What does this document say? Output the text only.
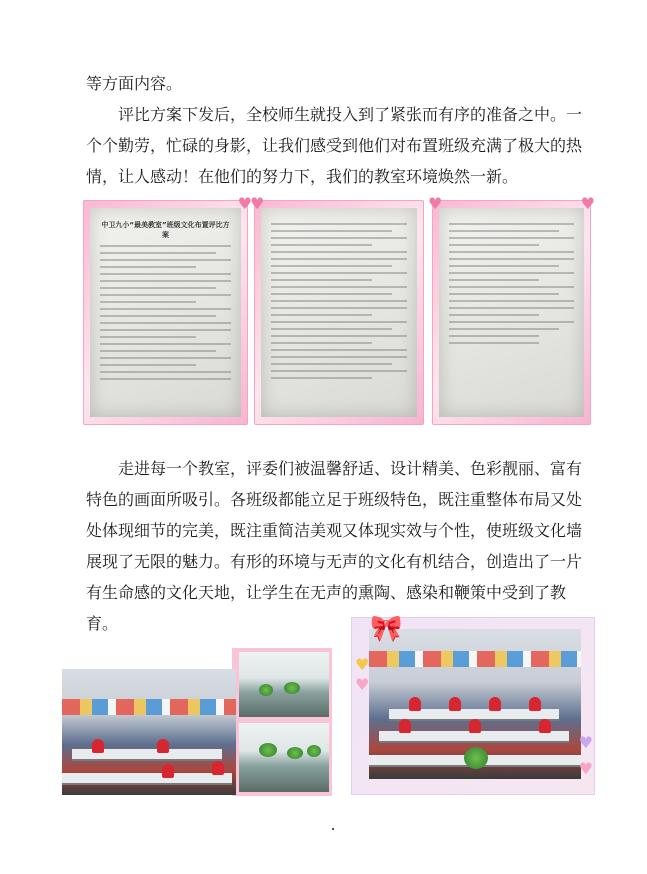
等方面内容。

评比方案下发后，全校师生就投入到了紧张而有序的准备之中。一个个勤劳，忙碌的身影，让我们感受到他们对布置班级充满了极大的热情，让人感动！在他们的努力下，我们的教室环境焕然一新。

中卫九小“最美教室”班级文化布置评比方案
♥
♥	♥	♥

走进每一个教室，评委们被温馨舒适、设计精美、色彩靓丽、富有特色的画面所吸引。各班级都能立足于班级特色，既注重整体布局又处处体现细节的完美，既注重简洁美观又体现实效与个性，使班级文化墙展现了无限的魅力。有形的环境与无声的文化有机结合，创造出了一片有生命感的文化天地，让学生在无声的熏陶、感染和鞭策中受到了教育。

♥
♥
♥
♥
🎀
